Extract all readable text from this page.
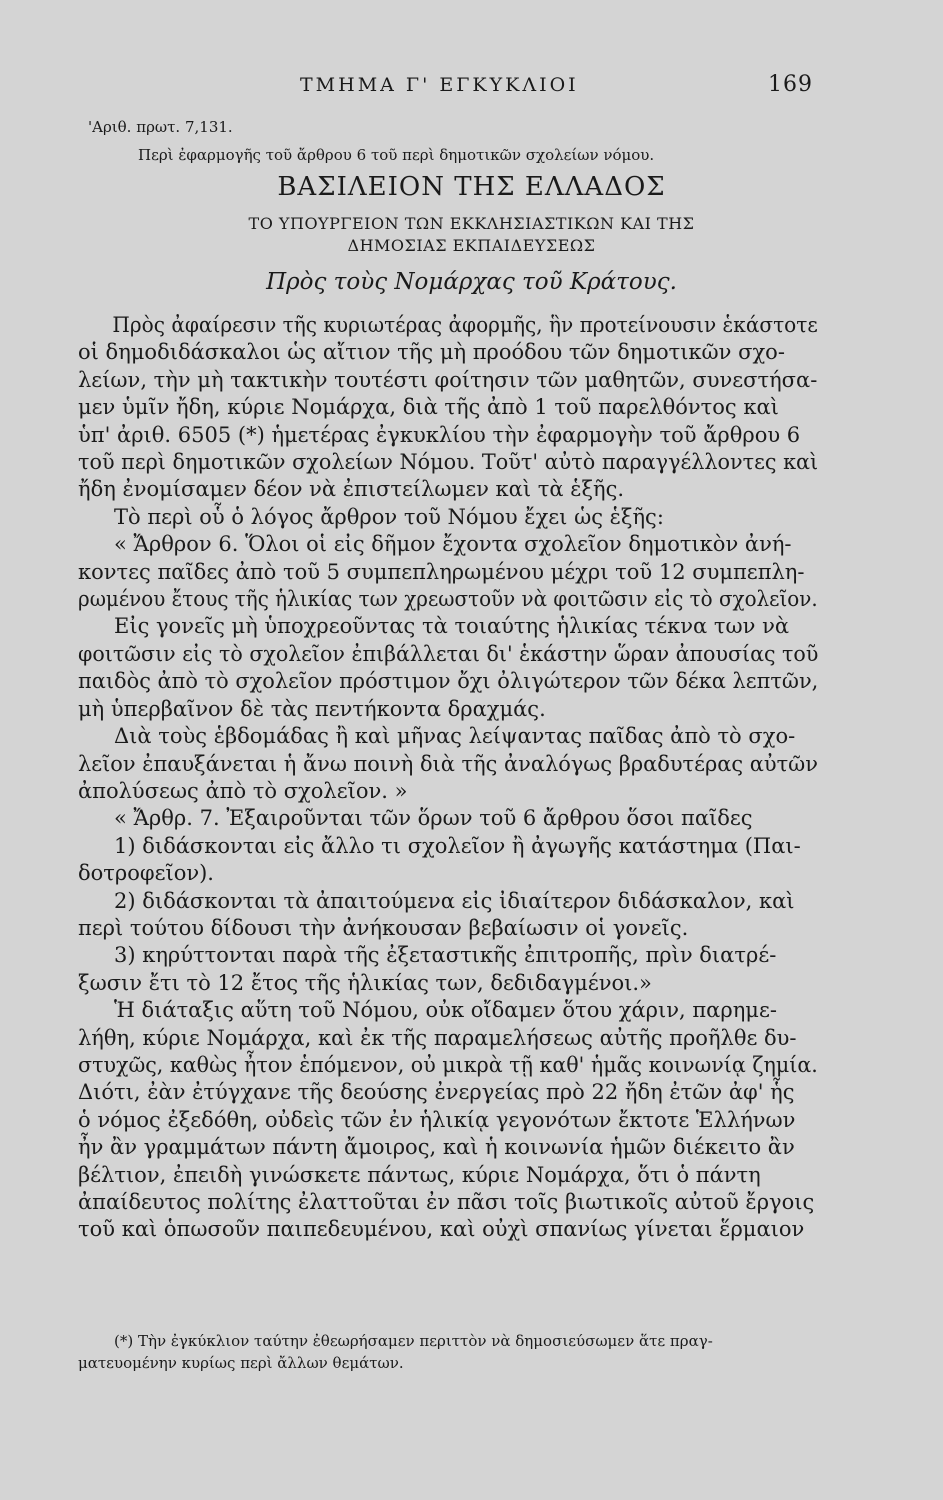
ΤΜΗΜΑ Γ' ΕΓΚΥΚΛΙΟΙ	169
'Αριθ. πρωτ. 7,131.
Περὶ ἐφαρμογῆς τοῦ ἄρθρου 6 τοῦ περὶ δημοτικῶν σχολείων νόμου.
ΒΑΣΙΛΕΙΟΝ ΤΗΣ ΕΛΛΑΔΟΣ
ΤΟ ΥΠΟΥΡΓΕΙΟΝ ΤΩΝ ΕΚΚΛΗΣΙΑΣΤΙΚΩΝ ΚΑΙ ΤΗΣ
ΔΗΜΟΣΙΑΣ ΕΚΠΑΙΔΕΥΣΕΩΣ
Πρὸς τοὺς Νομάρχας τοῦ Κράτους.
Πρὸς ἀφαίρεσιν τῆς κυριωτέρας ἀφορμῆς, ἣν προτείνουσιν ἑκάστοτε
οἱ δημοδιδάσκαλοι ὡς αἴτιον τῆς μὴ προόδου τῶν δημοτικῶν σχο-
λείων, τὴν μὴ τακτικὴν τουτέστι φοίτησιν τῶν μαθητῶν, συνεστήσα-
μεν ὑμῖν ἤδη, κύριε Νομάρχα, διὰ τῆς ἀπὸ 1 τοῦ παρελθόντος καὶ
ὑπ' ἀριθ. 6505 (*) ἡμετέρας ἐγκυκλίου τὴν ἐφαρμογὴν τοῦ ἄρθρου 6
τοῦ περὶ δημοτικῶν σχολείων Νόμου. Τοῦτ' αὐτὸ παραγγέλλοντες καὶ
ἤδη ἐνομίσαμεν δέον νὰ ἐπιστείλωμεν καὶ τὰ ἑξῆς.
Τὸ περὶ οὗ ὁ λόγος ἄρθρον τοῦ Νόμου ἔχει ὡς ἑξῆς:
« Ἄρθρον 6. Ὅλοι οἱ εἰς δῆμον ἔχοντα σχολεῖον δημοτικὸν ἀνή-
κοντες παῖδες ἀπὸ τοῦ 5 συμπεπληρωμένου μέχρι τοῦ 12 συμπεπλη-
ρωμένου ἔτους τῆς ἡλικίας των χρεωστοῦν νὰ φοιτῶσιν εἰς τὸ σχολεῖον.
Εἰς γονεῖς μὴ ὑποχρεοῦντας τὰ τοιαύτης ἡλικίας τέκνα των νὰ
φοιτῶσιν εἰς τὸ σχολεῖον ἐπιβάλλεται δι' ἑκάστην ὥραν ἀπουσίας τοῦ
παιδὸς ἀπὸ τὸ σχολεῖον πρόστιμον ὄχι ὀλιγώτερον τῶν δέκα λεπτῶν,
μὴ ὑπερβαῖνον δὲ τὰς πεντήκοντα δραχμάς.
Διὰ τοὺς ἑβδομάδας ἢ καὶ μῆνας λείψαντας παῖδας ἀπὸ τὸ σχο-
λεῖον ἐπαυξάνεται ἡ ἄνω ποινὴ διὰ τῆς ἀναλόγως βραδυτέρας αὐτῶν
ἀπολύσεως ἀπὸ τὸ σχολεῖον. »
« Ἄρθρ. 7. Ἐξαιροῦνται τῶν ὅρων τοῦ 6 ἄρθρου ὅσοι παῖδες
1) διδάσκονται εἰς ἄλλο τι σχολεῖον ἢ ἀγωγῆς κατάστημα (Παι-
δοτροφεῖον).
2) διδάσκονται τὰ ἀπαιτούμενα εἰς ἰδιαίτερον διδάσκαλον, καὶ
περὶ τούτου δίδουσι τὴν ἀνήκουσαν βεβαίωσιν οἱ γονεῖς.
3) κηρύττονται παρὰ τῆς ἐξεταστικῆς ἐπιτροπῆς, πρὶν διατρέ-
ξωσιν ἔτι τὸ 12 ἔτος τῆς ἡλικίας των, δεδιδαγμένοι.»
Ἡ διάταξις αὕτη τοῦ Νόμου, οὐκ οἴδαμεν ὅτου χάριν, παρημε-
λήθη, κύριε Νομάρχα, καὶ ἐκ τῆς παραμελήσεως αὐτῆς προῆλθε δυ-
στυχῶς, καθὼς ἦτον ἑπόμενον, οὐ μικρὰ τῇ καθ' ἡμᾶς κοινωνίᾳ ζημία.
Διότι, ἐὰν ἐτύγχανε τῆς δεούσης ἐνεργείας πρὸ 22 ἤδη ἐτῶν ἀφ' ἧς
ὁ νόμος ἐξεδόθη, οὐδεὶς τῶν ἐν ἡλικίᾳ γεγονότων ἔκτοτε Ἑλλήνων
ἦν ἂν γραμμάτων πάντη ἄμοιρος, καὶ ἡ κοινωνία ἡμῶν διέκειτο ἂν
βέλτιον, ἐπειδὴ γινώσκετε πάντως, κύριε Νομάρχα, ὅτι ὁ πάντη
ἀπαίδευτος πολίτης ἐλαττοῦται ἐν πᾶσι τοῖς βιωτικοῖς αὐτοῦ ἔργοις
τοῦ καὶ ὁπωσοῦν παιπεδευμένου, καὶ οὐχὶ σπανίως γίνεται ἕρμαιον
(*) Τὴν ἐγκύκλιον ταύτην ἐθεωρήσαμεν περιττὸν νὰ δημοσιεύσωμεν ἅτε πραγ-
ματευομένην κυρίως περὶ ἄλλων θεμάτων.
